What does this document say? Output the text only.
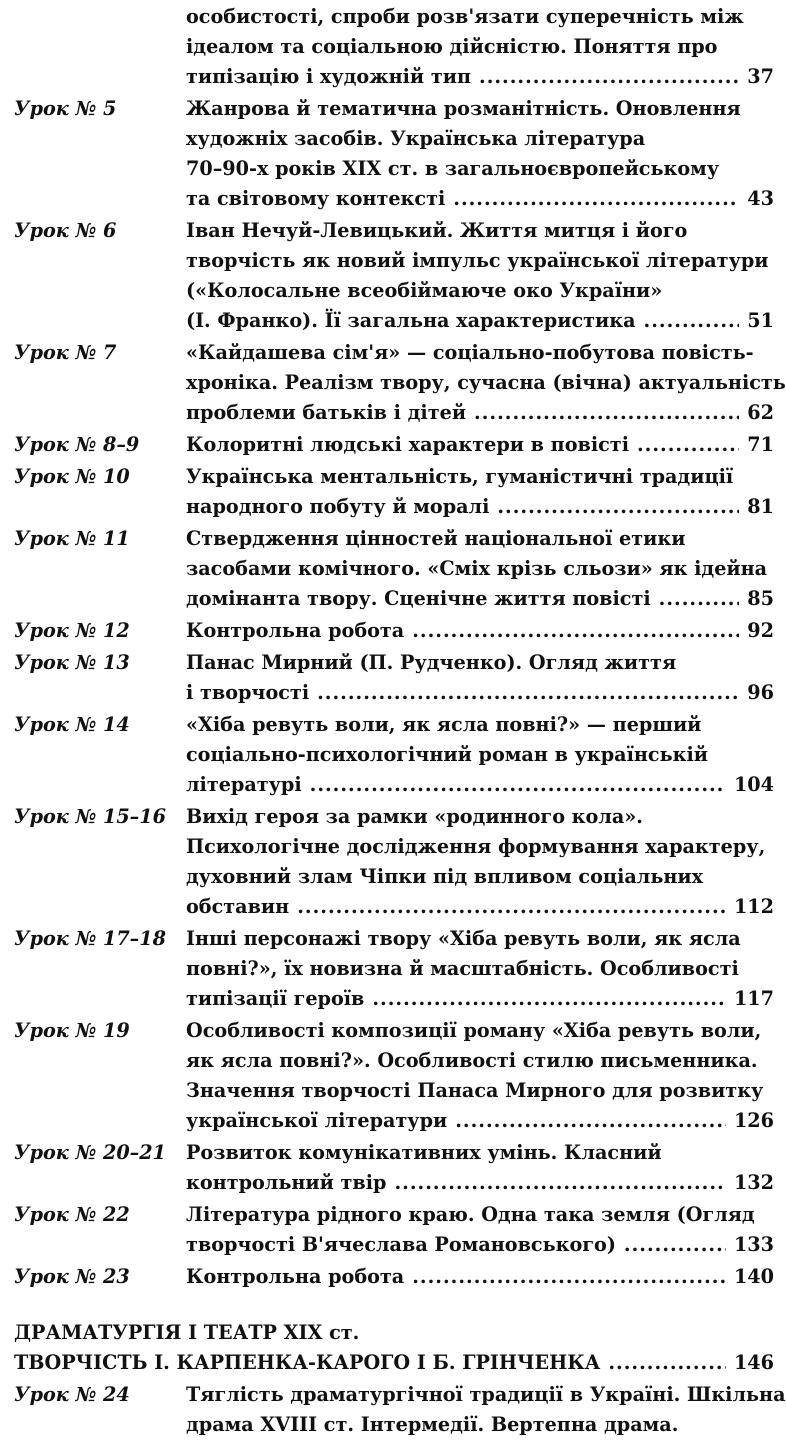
особистості, спроби розв'язати суперечність між
ідеалом та соціальною дійсністю. Поняття про
типізацію і художній тип .....	37
Урок № 5	Жанрова й тематична розманітність. Оновлення
художніх засобів. Українська література
70–90-х років XIX ст. в загальноєвропейському
та світовому контексті .....	43
Урок № 6	Іван Нечуй-Левицький. Життя митця і його
творчість як новий імпульс української літератури
(«Колосальне всеобіймаюче око України»
(І. Франко). Її загальна характеристика .....	51
Урок № 7	«Кайдашева сім'я» — соціально-побутова повість-
хроніка. Реалізм твору, сучасна (вічна) актуальність
проблеми батьків і дітей .....	62
Урок № 8–9 Колоритні людські характери в повісті .....	71
Урок № 10	Українська ментальність, гуманістичні традиції
народного побуту й моралі .....	81
Урок № 11	Ствердження цінностей національної етики
засобами комічного. «Сміх крізь сльози» як ідейна
домінанта твору. Сценічне життя повісті .....	85
Урок № 12	Контрольна робота .....	92
Урок № 13	Панас Мирний (П. Рудченко). Огляд життя
і творчості .....	96
Урок № 14	«Хіба ревуть воли, як ясла повні?» — перший
соціально-психологічний роман в українській
літературі .....	104
Урок № 15–16 Вихід героя за рамки «родинного кола».
Психологічне дослідження формування характеру,
духовний злам Чіпки під впливом соціальних
обставин .....	112
Урок № 17–18 Інші персонажі твору «Хіба ревуть воли, як ясла
повні?», їх новизна й масштабність. Особливості
типізації героїв .....	117
Урок № 19	Особливості композиції роману «Хіба ревуть воли,
як ясла повні?». Особливості стилю письменника.
Значення творчості Панаса Мирного для розвитку
української літератури .....	126
Урок № 20–21 Розвиток комунікативних умінь. Класний
контрольний твір .....	132
Урок № 22	Література рідного краю. Одна така земля (Огляд
творчості В'ячеслава Романовського) .....	133
Урок № 23	Контрольна робота .....	140
ДРАМАТУРГІЯ І ТЕАТР XIX ст.
ТВОРЧІСТЬ І. КАРПЕНКА-КАРОГО І Б. ГРІНЧЕНКА .....	146
Урок № 24	Тяглість драматургічної традиції в Україні. Шкільна
драма XVIII ст. Інтермедії. Вертепна драма.
